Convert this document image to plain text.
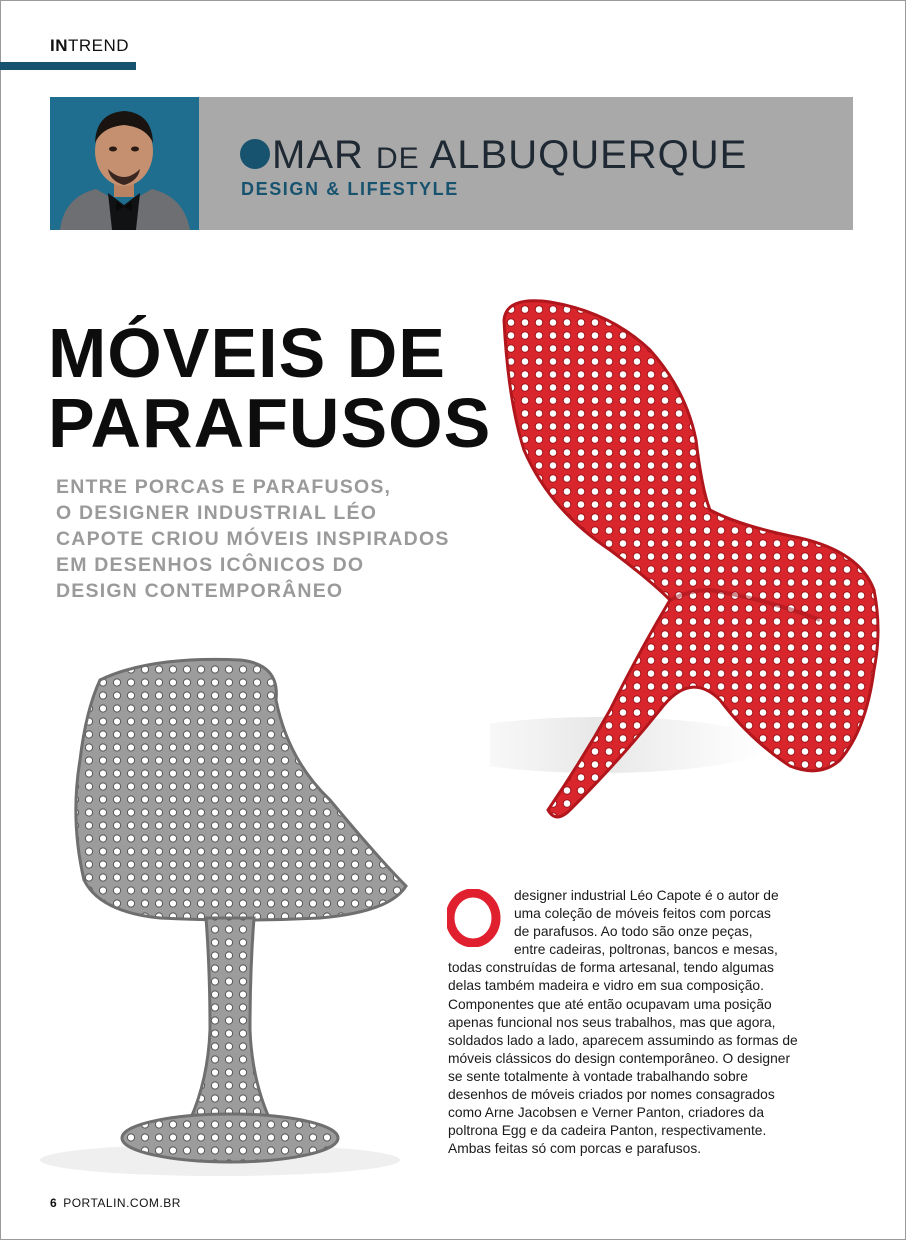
INTREND
MAR DE ALBUQUERQUE
DESIGN & LIFESTYLE
MÓVEIS DE
PARAFUSOS

ENTRE PORCAS E PARAFUSOS,
O DESIGNER INDUSTRIAL LÉO
CAPOTE CRIOU MÓVEIS INSPIRADOS
EM DESENHOS ICÔNICOS DO
DESIGN CONTEMPORÂNEO

designer industrial Léo Capote é o autor de
uma coleção de móveis feitos com porcas
de parafusos. Ao todo são onze peças,
entre cadeiras, poltronas, bancos e mesas,
todas construídas de forma artesanal, tendo algumas
delas também madeira e vidro em sua composição.
Componentes que até então ocupavam uma posição
apenas funcional nos seus trabalhos, mas que agora,
soldados lado a lado, aparecem assumindo as formas de
móveis clássicos do design contemporâneo. O designer
se sente totalmente à vontade trabalhando sobre
desenhos de móveis criados por nomes consagrados
como Arne Jacobsen e Verner Panton, criadores da
poltrona Egg e da cadeira Panton, respectivamente.
Ambas feitas só com porcas e parafusos.

6 PORTALIN.COM.BR
